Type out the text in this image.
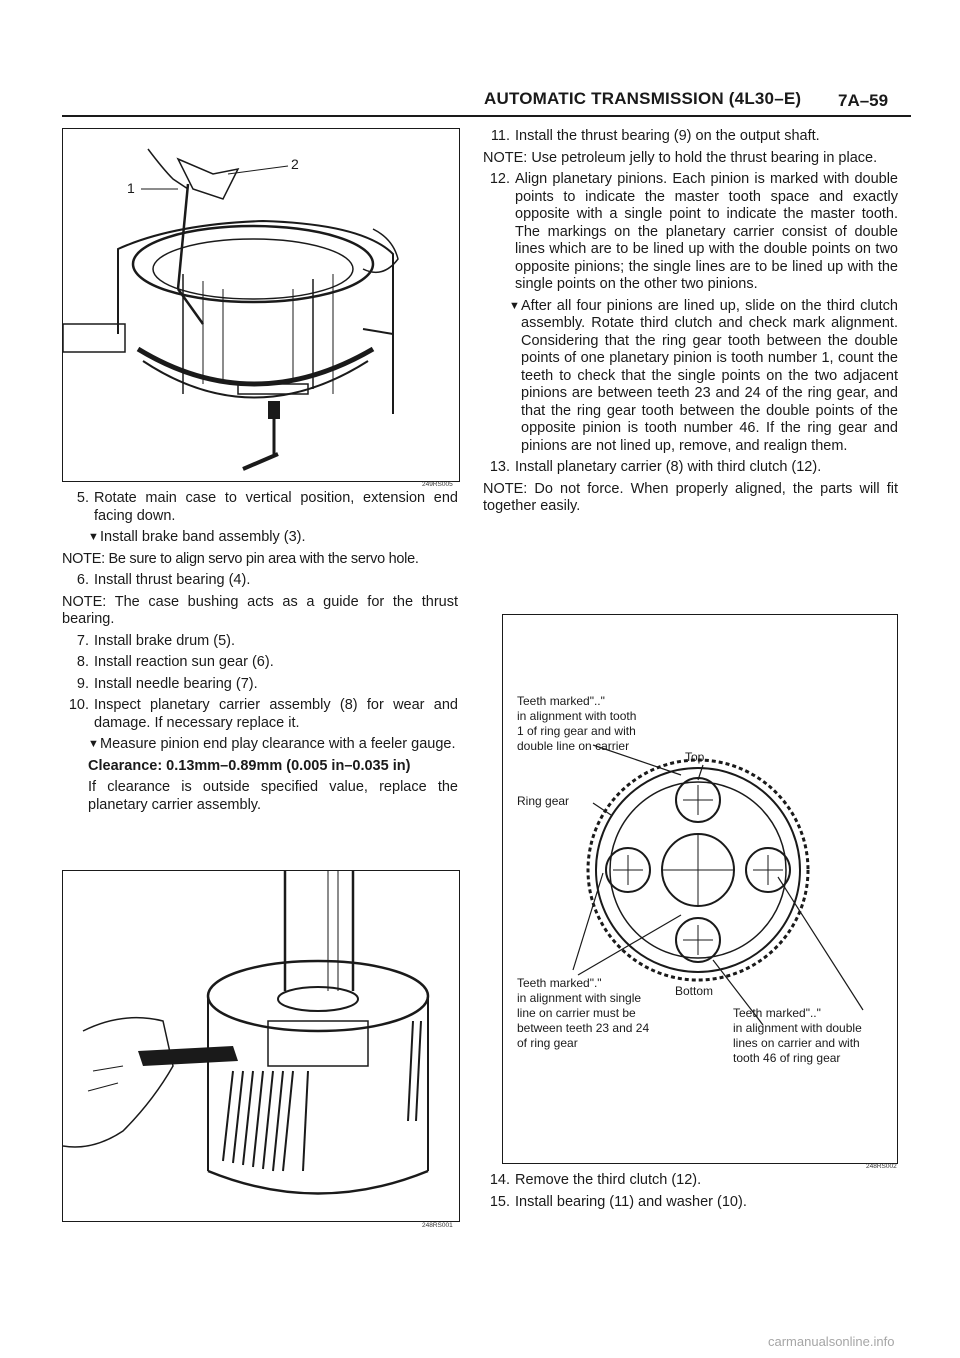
AUTOMATIC TRANSMISSION (4L30–E) 7A–59
2
1
249RS005
5. Rotate main case to vertical position, extension end facing down.
▼ Install brake band assembly (3).
NOTE: Be sure to align servo pin area with the servo hole.
6. Install thrust bearing (4).
NOTE: The case bushing acts as a guide for the thrust bearing.
7. Install brake drum (5).
8. Install reaction sun gear (6).
9. Install needle bearing (7).
10. Inspect planetary carrier assembly (8) for wear and damage. If necessary replace it.
▼ Measure pinion end play clearance with a feeler gauge.
Clearance: 0.13mm–0.89mm (0.005 in–0.035 in)
If clearance is outside specified value, replace the planetary carrier assembly.
248RS001
11. Install the thrust bearing (9) on the output shaft.
NOTE: Use petroleum jelly to hold the thrust bearing in place.
12. Align planetary pinions. Each pinion is marked with double points to indicate the master tooth space and exactly opposite with a single point to indicate the master tooth. The markings on the planetary carrier consist of double lines which are to be lined up with the double points on two opposite pinions; the single lines are to be lined up with the single points on the other two pinions.
▼ After all four pinions are lined up, slide on the third clutch assembly. Rotate third clutch and check mark alignment. Considering that the ring gear tooth between the double points of one planetary pinion is tooth number 1, count the teeth to check that the single points on the two adjacent pinions are between teeth 23 and 24 of the ring gear, and that the ring gear tooth between the double points of the opposite pinion is tooth number 46. If the ring gear and pinions are not lined up, remove, and realign them.
13. Install planetary carrier (8) with third clutch (12).
NOTE: Do not force. When properly aligned, the parts will fit together easily.
Teeth marked".."
in alignment with tooth
1 of ring gear and with
double line on carrier
Top
Ring gear
Teeth marked"."
in alignment with single
line on carrier must be
between teeth 23 and 24
of ring gear
Bottom
Teeth marked".."
in alignment with double
lines on carrier and with
tooth 46 of ring gear
248RS002
14. Remove the third clutch (12).
15. Install bearing (11) and washer (10).
carmanualsonline.info
